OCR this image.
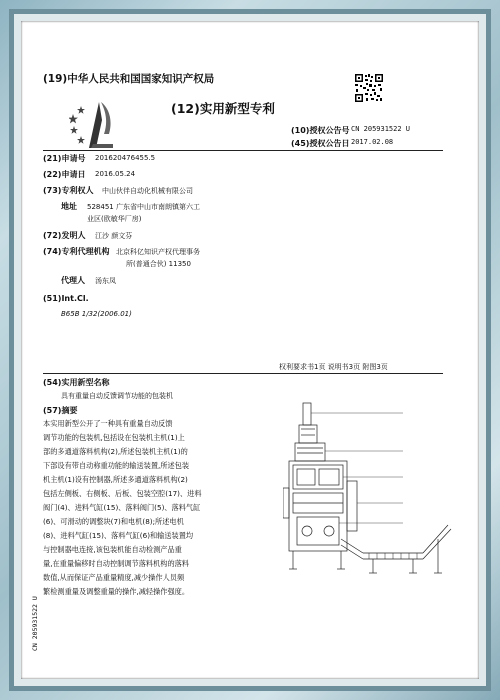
(19)中华人民共和国国家知识产权局
(12)实用新型专利
(10)授权公告号 CN 205931522 U
(45)授权公告日 2017.02.08
(21)申请号 201620476455.5
(22)申请日 2016.05.24
(73)专利权人 中山伙伴自动化机械有限公司
地址 528451 广东省中山市南朗镇第六工
业区(欧敏华厂房)
(72)发明人 江沙 颜文芬
(74)专利代理机构 北京科亿知识产权代理事务
所(普通合伙) 11350
代理人 汤东凤
(51)Int.Cl.
B65B 1/32(2006.01)
权利要求书1页 说明书3页 附图3页
(54)实用新型名称
具有重量自动反馈调节功能的包装机
(57)摘要
本实用新型公开了一种具有重量自动反馈
调节功能的包装机,包括设在包装机主机(1)上
部的多通道落料机构(2),所述包装机主机(1)的
下部设有带自动称重功能的输送装置,所述包装
机主机(1)设有控制器,所述多通道落料机构(2)
包括左侧板、右侧板、后板、包装空腔(17)、进料
阀门(4)、进料气缸(15)、落料阀门(5)、落料气缸
(6)、可滑动的调整块(7)和电机(8);所述电机
(8)、进料气缸(15)、落料气缸(6)和输送装置均
与控制器电连接,该包装机能自动检测产品重
量,在重量偏移时自动控制调节落料机构的落料
数值,从而保证产品重量精度,减少操作人员频
繁检测重量及调整重量的操作,减轻操作强度。
CN 205931522 U
